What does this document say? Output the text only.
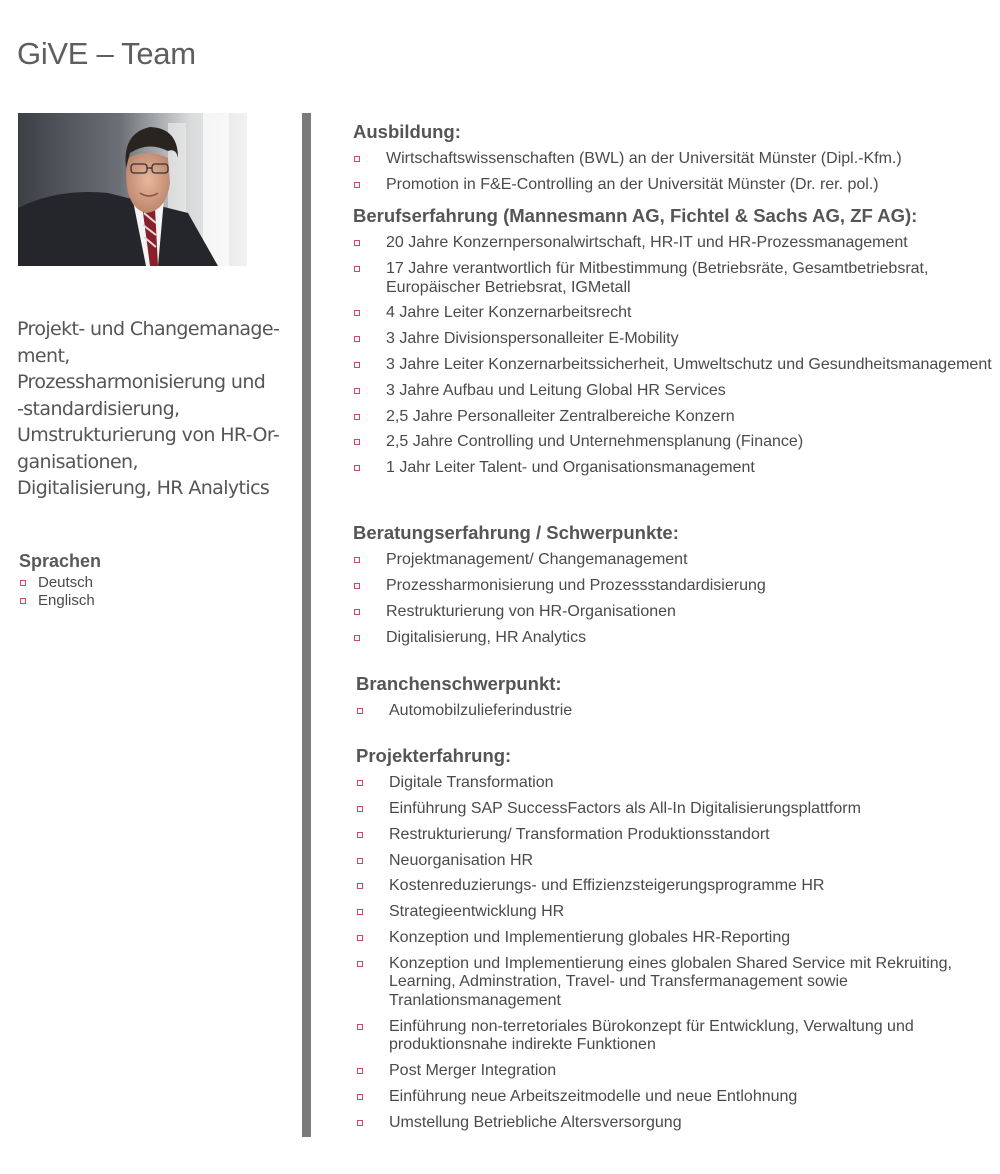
GiVE – Team

Projekt- und Changemanage-
ment,
Prozessharmonisierung und
-standardisierung,
Umstrukturierung von HR-Or-
ganisationen,
Digitalisierung, HR Analytics

Sprachen
Deutsch
Englisch
Ausbildung:
Wirtschaftswissenschaften (BWL) an der Universität Münster (Dipl.-Kfm.)
Promotion in F&E-Controlling an der Universität Münster (Dr. rer. pol.)
Berufserfahrung (Mannesmann AG, Fichtel & Sachs AG, ZF AG):
20 Jahre Konzernpersonalwirtschaft, HR-IT und HR-Prozessmanagement
17 Jahre verantwortlich für Mitbestimmung (Betriebsräte, Gesamtbetriebsrat, Europäischer Betriebsrat, IGMetall
4 Jahre Leiter Konzernarbeitsrecht
3 Jahre Divisionspersonalleiter E-Mobility
3 Jahre Leiter Konzernarbeitssicherheit, Umweltschutz und Gesundheitsmanagement
3 Jahre Aufbau und Leitung Global HR Services
2,5 Jahre Personalleiter Zentralbereiche Konzern
2,5 Jahre Controlling und Unternehmensplanung (Finance)
1 Jahr Leiter Talent- und Organisationsmanagement
Beratungserfahrung / Schwerpunkte:
Projektmanagement/ Changemanagement
Prozessharmonisierung und Prozessstandardisierung
Restrukturierung von HR-Organisationen
Digitalisierung, HR Analytics
Branchenschwerpunkt:
Automobilzulieferindustrie
Projekterfahrung:
Digitale Transformation
Einführung SAP SuccessFactors als All-In Digitalisierungsplattform
Restrukturierung/ Transformation Produktionsstandort
Neuorganisation HR
Kostenreduzierungs- und Effizienzsteigerungsprogramme HR
Strategieentwicklung HR
Konzeption und Implementierung globales HR-Reporting
Konzeption und Implementierung eines globalen Shared Service mit Rekruiting, Learning, Adminstration, Travel- und Transfermanagement sowie Tranlationsmanagement
Einführung non-terretoriales Bürokonzept für Entwicklung, Verwaltung und produktionsnahe indirekte Funktionen
Post Merger Integration
Einführung neue Arbeitszeitmodelle und neue Entlohnung
Umstellung Betriebliche Altersversorgung
